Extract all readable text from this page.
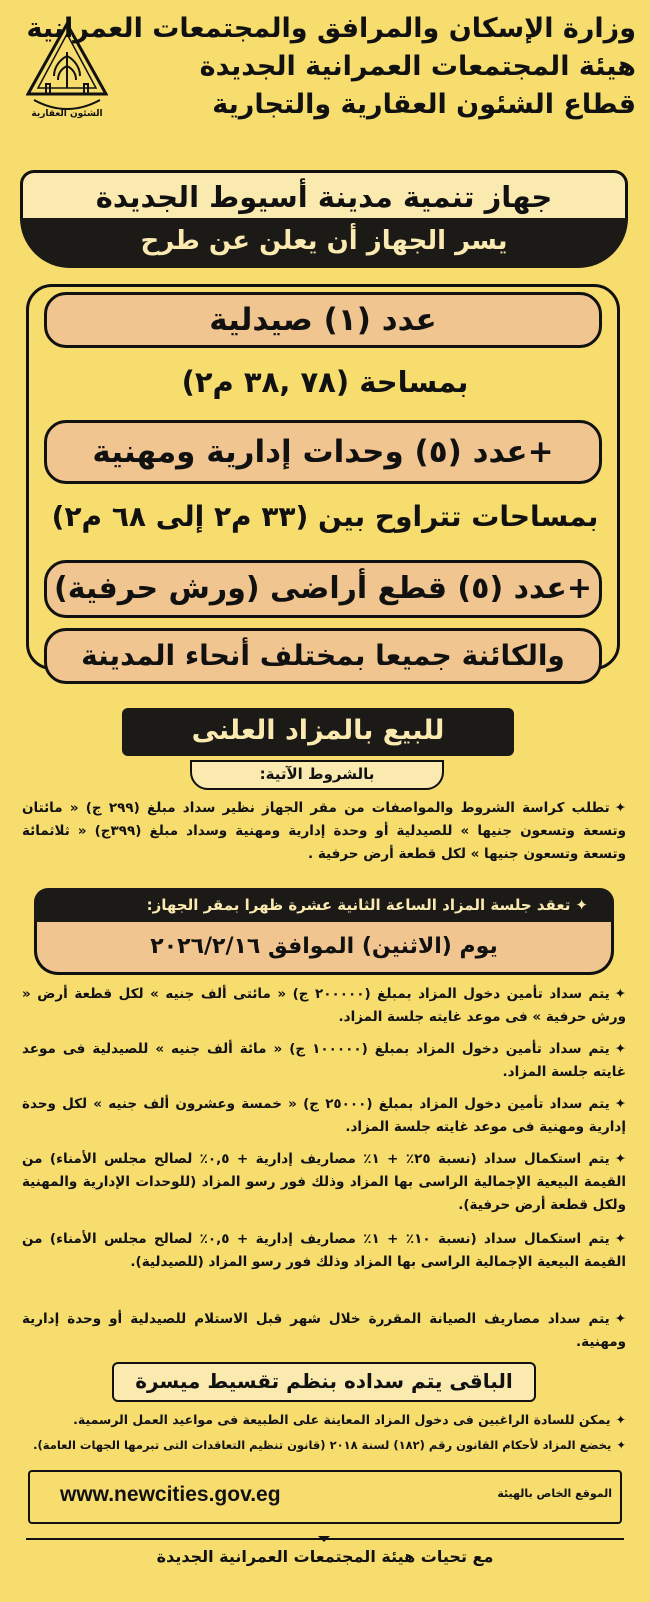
الشئون العقارية
وزارة الإسكان والمرافق والمجتمعات العمرانية
هيئة المجتمعات العمرانية الجديدة
قطاع الشئون العقارية والتجارية
جهاز تنمية مدينة أسيوط الجديدة
يسر الجهاز أن يعلن عن طرح
عدد (١) صيدلية
بمساحة (٧٨ ,٣٨ م٢)
+عدد (٥) وحدات إدارية ومهنية
بمساحات تتراوح بين (٣٣ م٢ إلى ٦٨ م٢)
+عدد (٥) قطع أراضى (ورش حرفية)
والكائنة جميعا بمختلف أنحاء المدينة
للبيع بالمزاد العلنى
بالشروط الآتية:
✦تطلب كراسة الشروط والمواصفات من مقر الجهاز نظير سداد مبلغ (٢٩٩ ج) « مائتان وتسعة وتسعون جنيها » للصيدلية أو وحدة إدارية ومهنية وسداد مبلغ (٣٩٩ج) « ثلاثمائة وتسعة وتسعون جنيها » لكل قطعة أرض حرفية .
✦تعقد جلسة المزاد الساعة الثانية عشرة ظهرا بمقر الجهاز:
يوم (الاثنين) الموافق ٢٠٢٦/٢/١٦
✦يتم سداد تأمين دخول المزاد بمبلغ (٢٠٠٠٠٠ ج) « مائتى ألف جنيه » لكل قطعة أرض « ورش حرفية » فى موعد غايته جلسة المزاد.
✦يتم سداد تأمين دخول المزاد بمبلغ (١٠٠٠٠٠ ج) « مائة ألف جنيه » للصيدلية فى موعد غايته جلسة المزاد.
✦يتم سداد تأمين دخول المزاد بمبلغ (٢٥٠٠٠ ج) « خمسة وعشرون ألف جنيه » لكل وحدة إدارية ومهنية فى موعد غايته جلسة المزاد.
✦يتم استكمال سداد (نسبة ٢٥٪ + ١٪ مصاريف إدارية + ٠,٥٪ لصالح مجلس الأمناء) من القيمة البيعية الإجمالية الراسى بها المزاد وذلك فور رسو المزاد (للوحدات الإدارية والمهنية ولكل قطعة أرض حرفية).
✦يتم استكمال سداد (نسبة ١٠٪ + ١٪ مصاريف إدارية + ٠,٥٪ لصالح مجلس الأمناء) من القيمة البيعية الإجمالية الراسى بها المزاد وذلك فور رسو المزاد (للصيدلية).
✦يتم سداد مصاريف الصيانة المقررة خلال شهر قبل الاستلام للصيدلية أو وحدة إدارية ومهنية.
الباقى يتم سداده بنظم تقسيط ميسرة
✦يمكن للسادة الراغبين فى دخول المزاد المعاينة على الطبيعة فى مواعيد العمل الرسمية.
✦يخضع المزاد لأحكام القانون رقم (١٨٢) لسنة ٢٠١٨ (قانون تنظيم التعاقدات التى تبرمها الجهات العامة).
الموقع الخاص بالهيئة
www.newcities.gov.eg
مع تحيات هيئة المجتمعات العمرانية الجديدة
